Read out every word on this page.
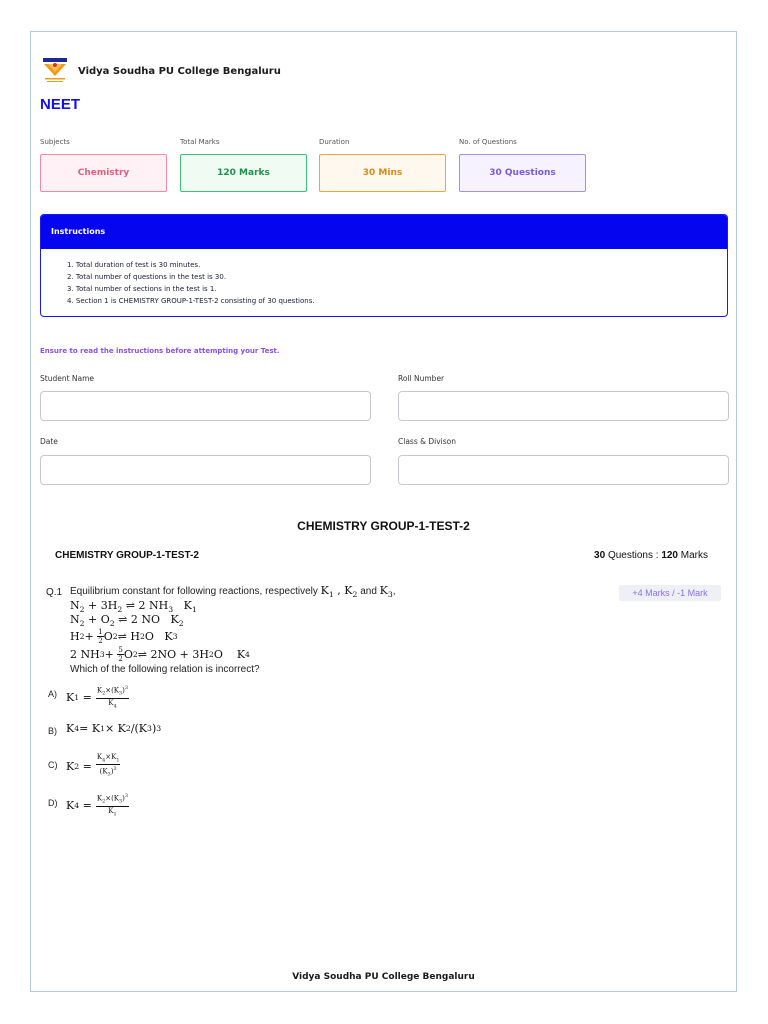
Vidya Soudha PU College Bengaluru
NEET
Subjects	Total Marks	Duration	No. of Questions
Chemistry	120 Marks	30 Mins	30 Questions
Instructions
1. Total duration of test is 30 minutes.
2. Total number of questions in the test is 30.
3. Total number of sections in the test is 1.
4. Section 1 is CHEMISTRY GROUP-1-TEST-2 consisting of 30 questions.
Ensure to read the instructions before attempting your Test.
Student Name	Roll Number
Date	Class & Divison
CHEMISTRY GROUP-1-TEST-2
CHEMISTRY GROUP-1-TEST-2	30 Questions : 120 Marks
Q.1 Equilibrium constant for following reactions, respectively $K_1$ , $K_2$ and $K_3$,	+4 Marks / -1 Mark
$N_2 + 3H_2$ ⇌ 2 $NH_3$   $K_1$
$N_2 + O_2$ ⇌ 2 NO   $K_2$
H $2 + \frac{1}{2}$ O 2 ⇌ H 2 O   K 3
2 NH $3 + \frac{5}{2}$ O 2 ⇌ 2NO + 3H 2 O    K 4
Which of the following relation is incorrect?
A) K $1 = \frac{K_2\times(K_3)^3}{K_4}$
B) K 4 = K 1 × K 2 /(K 3 ) 3
C) K $2 = \frac{K_4\times K_1}{(K_3)^3}$
D) K $4 = \frac{K_2\times(K_3)^3}{K_1}$
Vidya Soudha PU College Bengaluru
